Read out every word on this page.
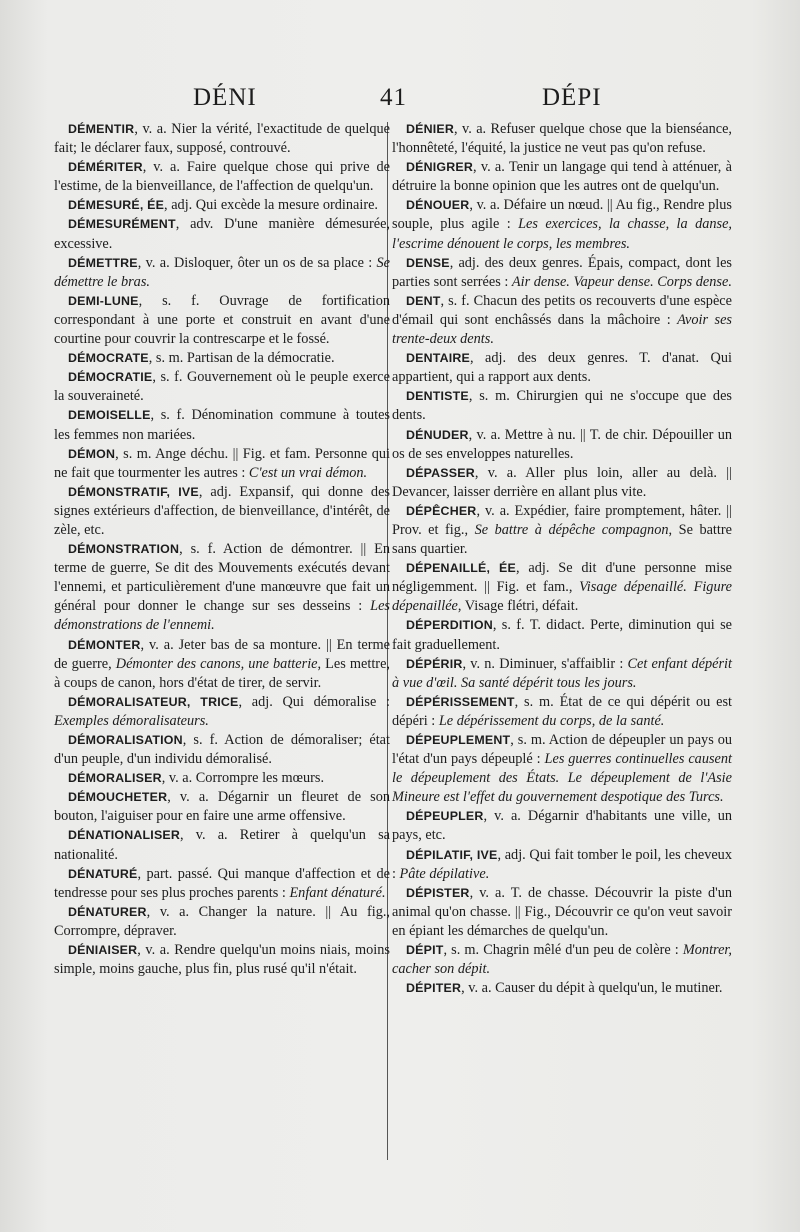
DÉNI	41	DÉPI

DÉMENTIR, v. a. Nier la vérité, l'exactitude de quelque fait; le déclarer faux, supposé, controuvé.

DÉMÉRITER, v. a. Faire quelque chose qui prive de l'estime, de la bienveillance, de l'affection de quelqu'un.

DÉMESURÉ, ÉE, adj. Qui excède la mesure ordinaire.

DÉMESURÉMENT, adv. D'une manière démesurée, excessive.

DÉMETTRE, v. a. Disloquer, ôter un os de sa place : Se démettre le bras.

DEMI-LUNE, s. f. Ouvrage de fortification correspondant à une porte et construit en avant d'une courtine pour couvrir la contrescarpe et le fossé.

DÉMOCRATE, s. m. Partisan de la démocratie.

DÉMOCRATIE, s. f. Gouvernement où le peuple exerce la souveraineté.

DEMOISELLE, s. f. Dénomination commune à toutes les femmes non mariées.

DÉMON, s. m. Ange déchu. || Fig. et fam. Personne qui ne fait que tourmenter les autres : C'est un vrai démon.

DÉMONSTRATIF, IVE, adj. Expansif, qui donne des signes extérieurs d'affection, de bienveillance, d'intérêt, de zèle, etc.

DÉMONSTRATION, s. f. Action de démontrer. || En terme de guerre, Se dit des Mouvements exécutés devant l'ennemi, et particulièrement d'une manœuvre que fait un général pour donner le change sur ses desseins : Les démonstrations de l'ennemi.

DÉMONTER, v. a. Jeter bas de sa monture. || En terme de guerre, Démonter des canons, une batterie, Les mettre, à coups de canon, hors d'état de tirer, de servir.

DÉMORALISATEUR, TRICE, adj. Qui démoralise : Exemples démoralisateurs.

DÉMORALISATION, s. f. Action de démoraliser; état d'un peuple, d'un individu démoralisé.

DÉMORALISER, v. a. Corrompre les mœurs.

DÉMOUCHETER, v. a. Dégarnir un fleuret de son bouton, l'aiguiser pour en faire une arme offensive.

DÉNATIONALISER, v. a. Retirer à quelqu'un sa nationalité.

DÉNATURÉ, part. passé. Qui manque d'affection et de tendresse pour ses plus proches parents : Enfant dénaturé.

DÉNATURER, v. a. Changer la nature. || Au fig., Corrompre, dépraver.

DÉNIAISER, v. a. Rendre quelqu'un moins niais, moins simple, moins gauche, plus fin, plus rusé qu'il n'était.

DÉNIER, v. a. Refuser quelque chose que la bienséance, l'honnêteté, l'équité, la justice ne veut pas qu'on refuse.

DÉNIGRER, v. a. Tenir un langage qui tend à atténuer, à détruire la bonne opinion que les autres ont de quelqu'un.

DÉNOUER, v. a. Défaire un nœud. || Au fig., Rendre plus souple, plus agile : Les exercices, la chasse, la danse, l'escrime dénouent le corps, les membres.

DENSE, adj. des deux genres. Épais, compact, dont les parties sont serrées : Air dense. Vapeur dense. Corps dense.

DENT, s. f. Chacun des petits os recouverts d'une espèce d'émail qui sont enchâssés dans la mâchoire : Avoir ses trente-deux dents.

DENTAIRE, adj. des deux genres. T. d'anat. Qui appartient, qui a rapport aux dents.

DENTISTE, s. m. Chirurgien qui ne s'occupe que des dents.

DÉNUDER, v. a. Mettre à nu. || T. de chir. Dépouiller un os de ses enveloppes naturelles.

DÉPASSER, v. a. Aller plus loin, aller au delà. || Devancer, laisser derrière en allant plus vite.

DÉPÊCHER, v. a. Expédier, faire promptement, hâter. || Prov. et fig., Se battre à dépêche compagnon, Se battre sans quartier.

DÉPENAILLÉ, ÉE, adj. Se dit d'une personne mise négligemment. || Fig. et fam., Visage dépenaillé. Figure dépenaillée, Visage flétri, défait.

DÉPERDITION, s. f. T. didact. Perte, diminution qui se fait graduellement.

DÉPÉRIR, v. n. Diminuer, s'affaiblir : Cet enfant dépérit à vue d'œil. Sa santé dépérit tous les jours.

DÉPÉRISSEMENT, s. m. État de ce qui dépérit ou est dépéri : Le dépérissement du corps, de la santé.

DÉPEUPLEMENT, s. m. Action de dépeupler un pays ou l'état d'un pays dépeuplé : Les guerres continuelles causent le dépeuplement des États. Le dépeuplement de l'Asie Mineure est l'effet du gouvernement despotique des Turcs.

DÉPEUPLER, v. a. Dégarnir d'habitants une ville, un pays, etc.

DÉPILATIF, IVE, adj. Qui fait tomber le poil, les cheveux : Pâte dépilative.

DÉPISTER, v. a. T. de chasse. Découvrir la piste d'un animal qu'on chasse. || Fig., Découvrir ce qu'on veut savoir en épiant les démarches de quelqu'un.

DÉPIT, s. m. Chagrin mêlé d'un peu de colère : Montrer, cacher son dépit.

DÉPITER, v. a. Causer du dépit à quelqu'un, le mutiner.
